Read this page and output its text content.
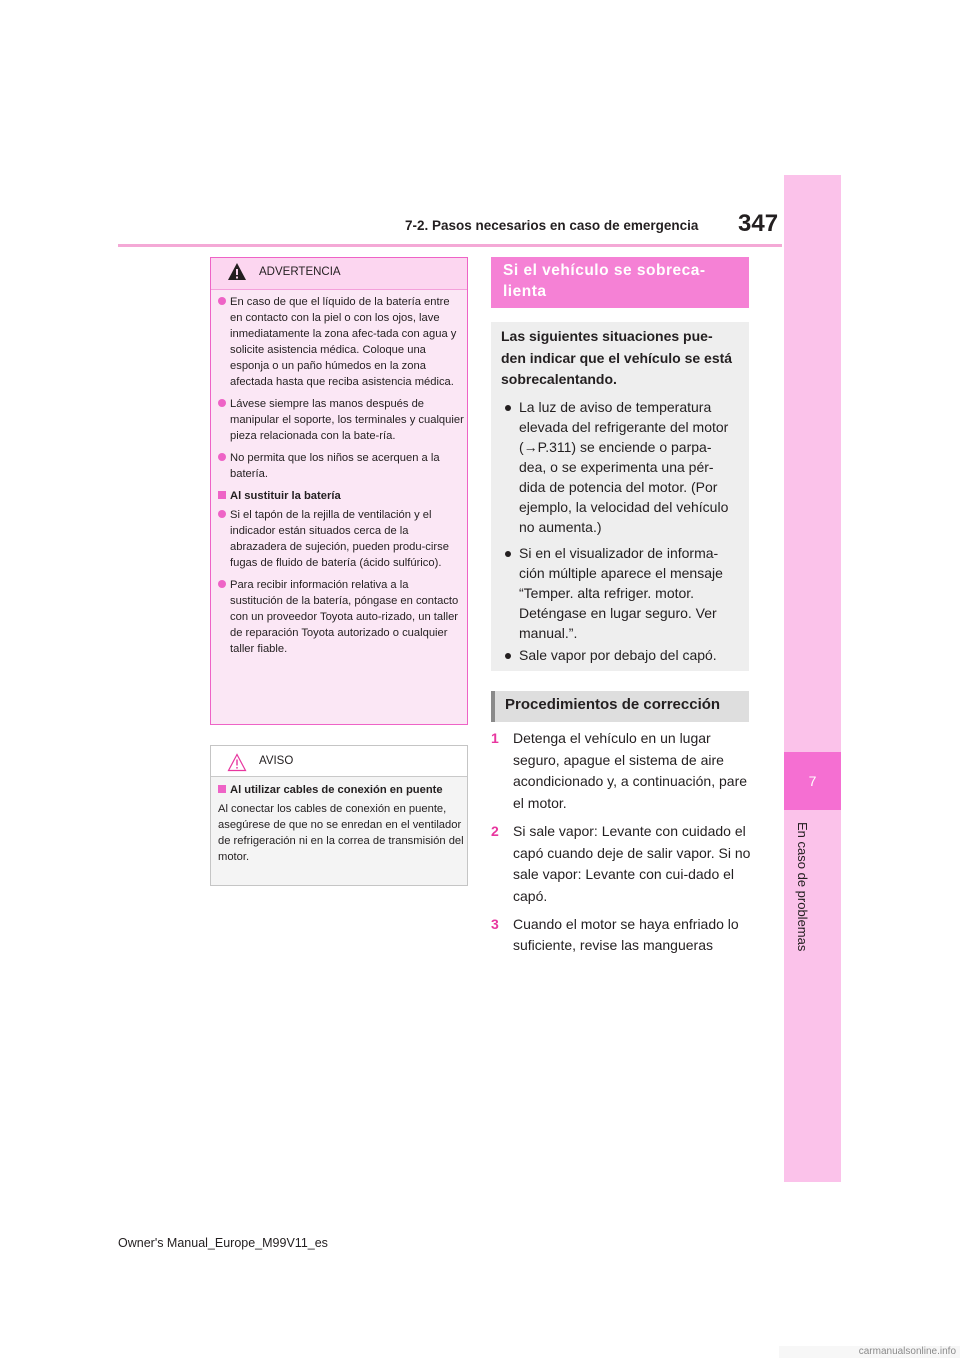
7-2. Pasos necesarios en caso de emergencia 347
7
En caso de problemas
ADVERTENCIA
En caso de que el líquido de la batería entre en contacto con la piel o con los ojos, lave inmediatamente la zona afec-tada con agua y solicite asistencia médica. Coloque una esponja o un paño húmedos en la zona afectada hasta que reciba asistencia médica.
Lávese siempre las manos después de manipular el soporte, los terminales y cualquier pieza relacionada con la bate-ría.
No permita que los niños se acerquen a la batería.
Al sustituir la batería
Si el tapón de la rejilla de ventilación y el indicador están situados cerca de la abrazadera de sujeción, pueden produ-cirse fugas de fluido de batería (ácido sulfúrico).
Para recibir información relativa a la sustitución de la batería, póngase en contacto con un proveedor Toyota auto-rizado, un taller de reparación Toyota autorizado o cualquier taller fiable.
AVISO
Al utilizar cables de conexión en puente
Al conectar los cables de conexión en puente, asegúrese de que no se enredan en el ventilador de refrigeración ni en la correa de transmisión del motor.
Si el vehículo se sobreca-
lienta
Las siguientes situaciones pue-
den indicar que el vehículo se está
sobrecalentando.
La luz de aviso de temperatura
elevada del refrigerante del motor
(→P.311) se enciende o parpa-
dea, o se experimenta una pér-
dida de potencia del motor. (Por
ejemplo, la velocidad del vehículo
no aumenta.)
Si en el visualizador de informa-
ción múltiple aparece el mensaje
“Temper. alta refriger. motor.
Deténgase en lugar seguro. Ver
manual.”.
Sale vapor por debajo del capó.
Procedimientos de corrección
1 Detenga el vehículo en un lugar seguro, apague el sistema de aire acondicionado y, a continuación, pare el motor.
2 Si sale vapor: Levante con cuidado el capó cuando deje de salir vapor. Si no sale vapor: Levante con cui-dado el capó.
3 Cuando el motor se haya enfriado lo suficiente, revise las mangueras
Owner's Manual_Europe_M99V11_es
carmanualsonline.info
